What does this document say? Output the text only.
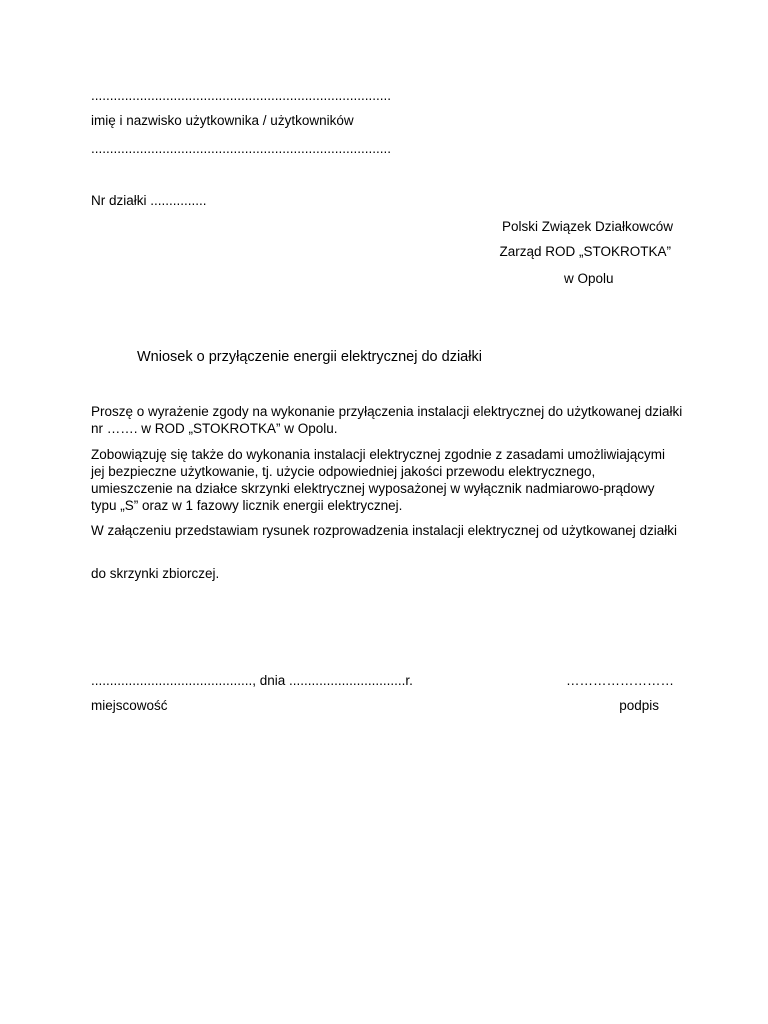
................................................................................
imię i nazwisko użytkownika / użytkowników
................................................................................
Nr działki ...............
Polski Związek Działkowców
Zarząd ROD „STOKROTKA”
w Opolu
Wniosek o przyłączenie energii elektrycznej do działki
Proszę o wyrażenie zgody na wykonanie przyłączenia instalacji elektrycznej do użytkowanej działki nr ……. w ROD „STOKROTKA” w Opolu.
Zobowiązuję się także do wykonania instalacji elektrycznej zgodnie z zasadami umożliwiającymi jej bezpieczne użytkowanie, tj. użycie odpowiedniej jakości przewodu elektrycznego, umieszczenie na działce skrzynki elektrycznej wyposażonej w wyłącznik nadmiarowo-prądowy typu „S” oraz w 1 fazowy licznik energii elektrycznej.
W załączeniu przedstawiam rysunek rozprowadzenia instalacji elektrycznej od użytkowanej działki
do skrzynki zbiorczej.
..........................................., dnia ...............................r.	……………………
miejscowość	podpis
